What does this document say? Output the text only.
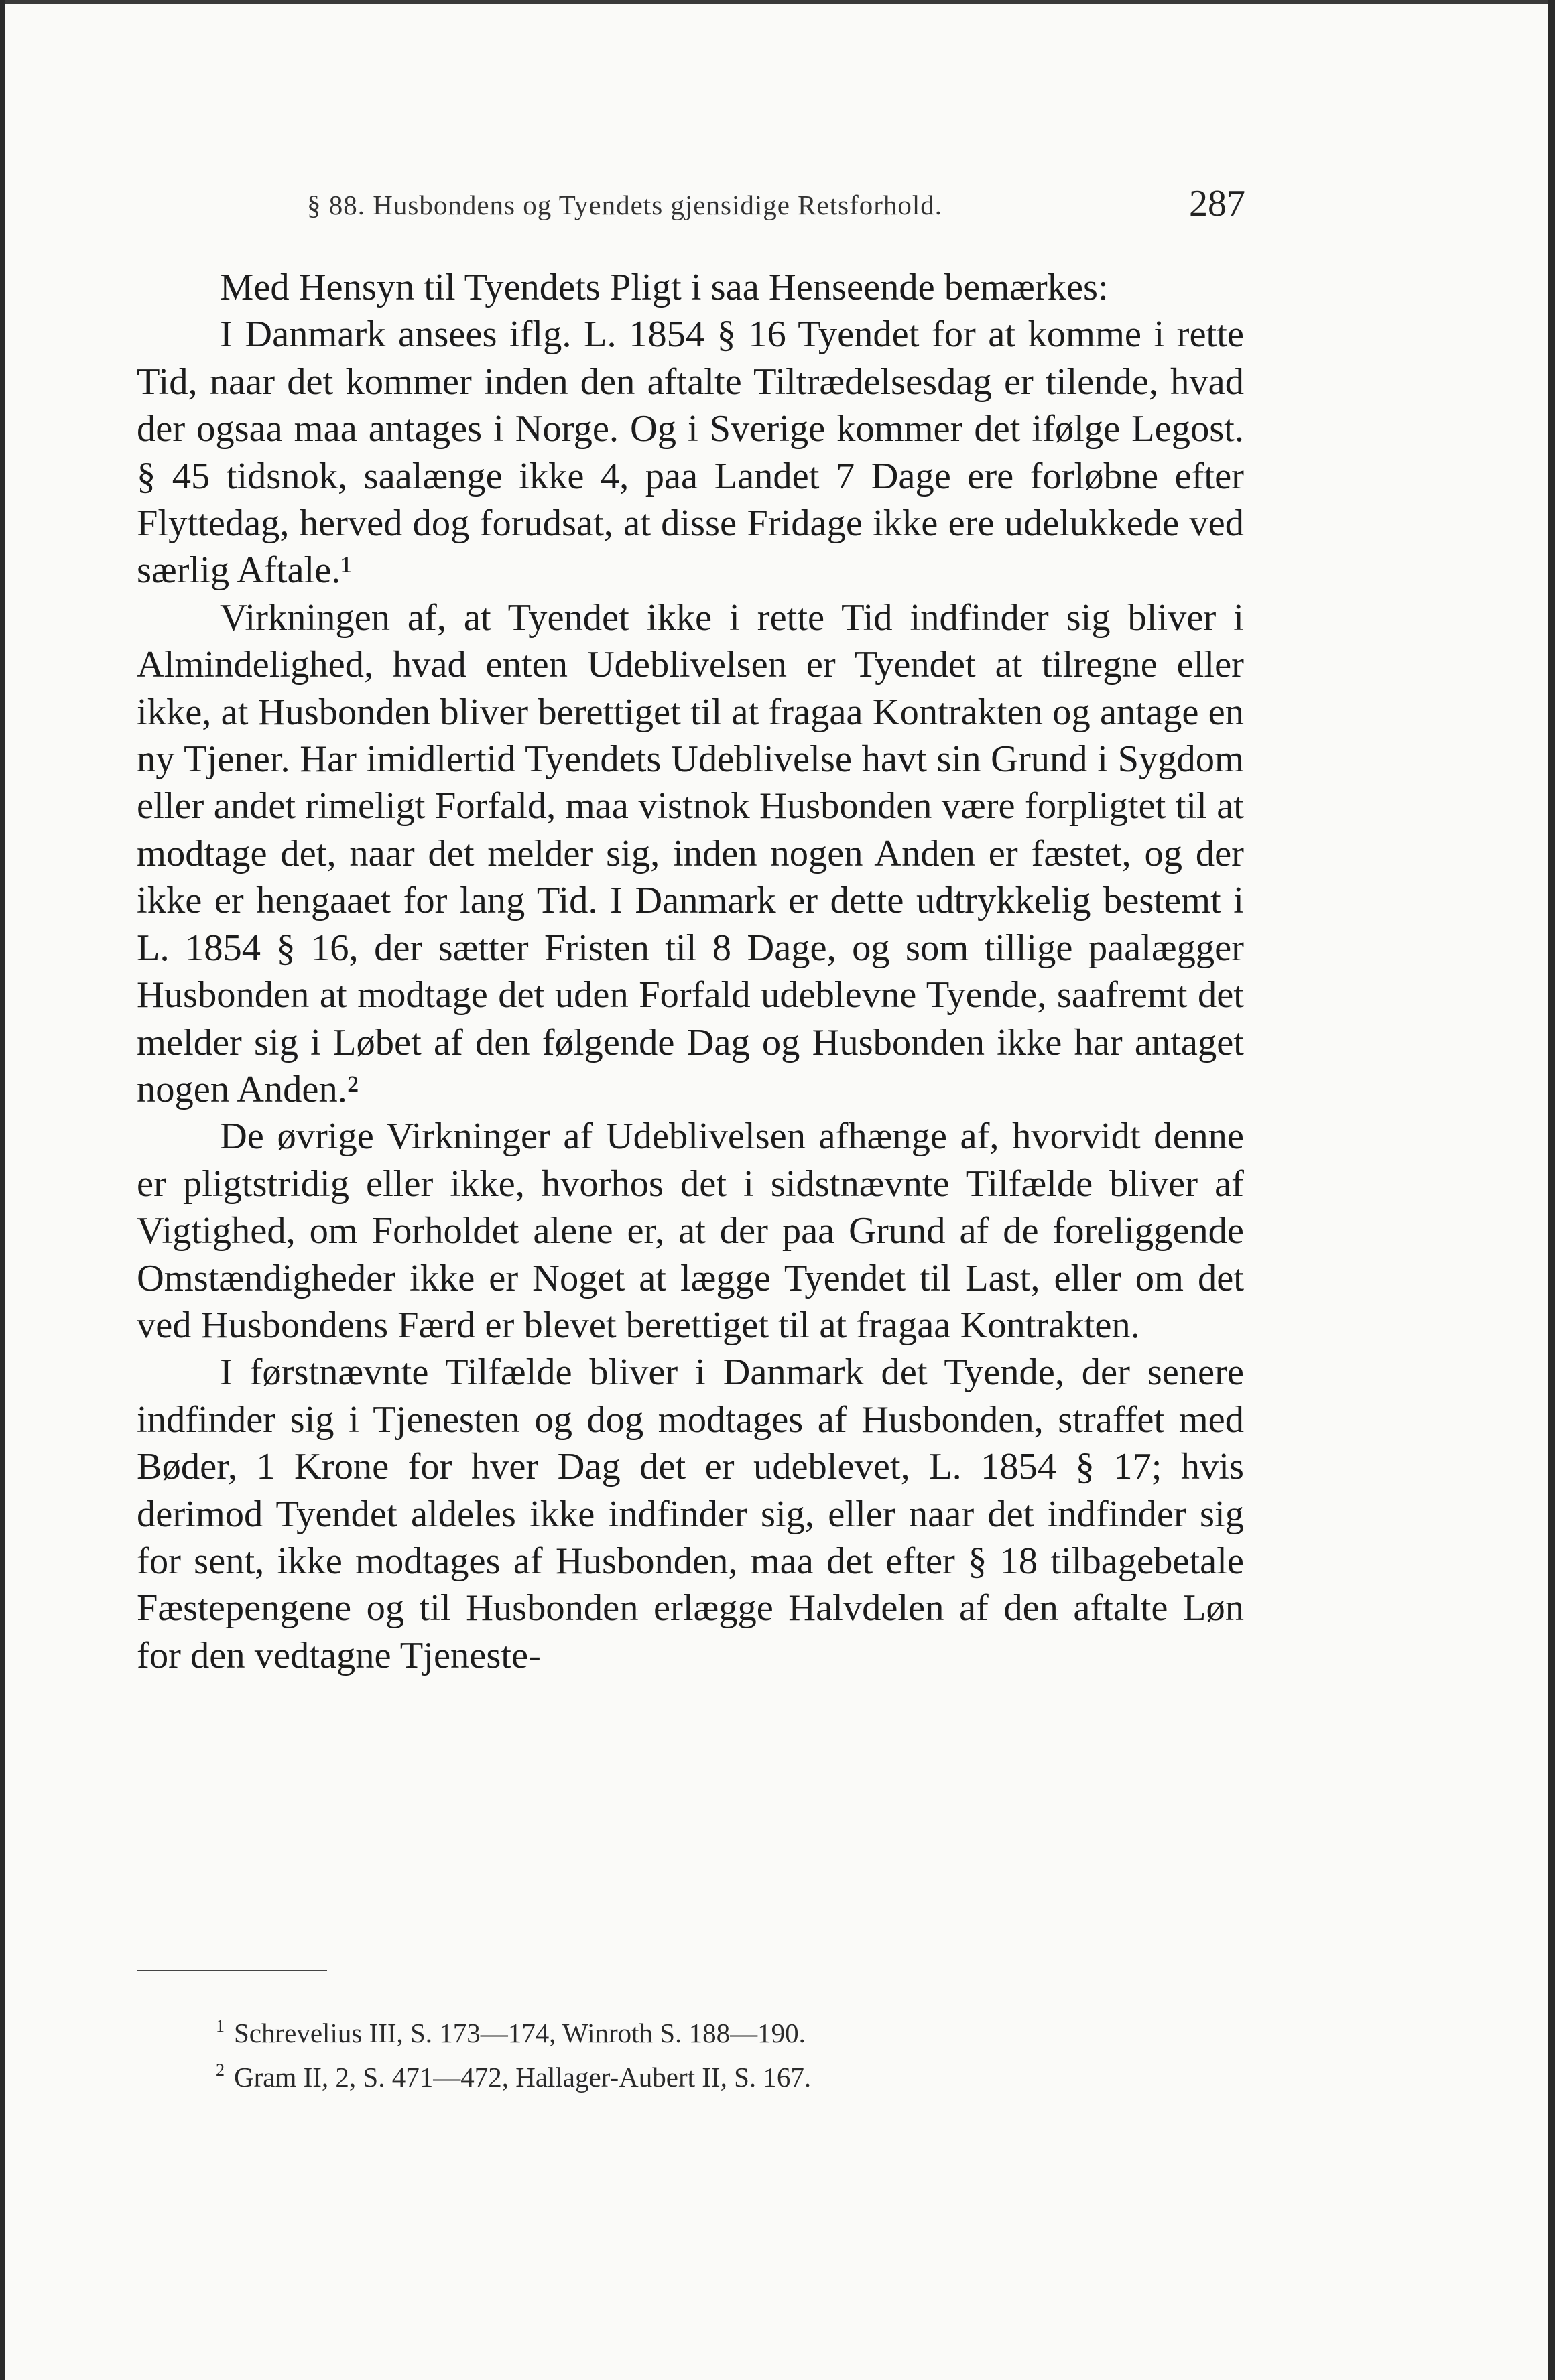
§ 88. Husbondens og Tyendets gjensidige Retsforhold.	287

Med Hensyn til Tyendets Pligt i saa Henseende bemærkes:

I Danmark ansees iflg. L. 1854 § 16 Tyendet for at komme i rette Tid, naar det kommer inden den aftalte Tiltrædelsesdag er tilende, hvad der ogsaa maa antages i Norge. Og i Sverige kommer det ifølge Legost. § 45 tidsnok, saalænge ikke 4, paa Landet 7 Dage ere forløbne efter Flyttedag, herved dog forudsat, at disse Fridage ikke ere udelukkede ved særlig Aftale.¹

Virkningen af, at Tyendet ikke i rette Tid indfinder sig bliver i Almindelighed, hvad enten Udeblivelsen er Tyendet at tilregne eller ikke, at Husbonden bliver berettiget til at fragaa Kontrakten og antage en ny Tjener. Har imidlertid Tyendets Udeblivelse havt sin Grund i Sygdom eller andet rimeligt Forfald, maa vistnok Husbonden være forpligtet til at modtage det, naar det melder sig, inden nogen Anden er fæstet, og der ikke er hengaaet for lang Tid. I Danmark er dette udtrykkelig bestemt i L. 1854 § 16, der sætter Fristen til 8 Dage, og som tillige paalægger Husbonden at modtage det uden Forfald udeblevne Tyende, saafremt det melder sig i Løbet af den følgende Dag og Husbonden ikke har antaget nogen Anden.²

De øvrige Virkninger af Udeblivelsen afhænge af, hvorvidt denne er pligtstridig eller ikke, hvorhos det i sidstnævnte Tilfælde bliver af Vigtighed, om Forholdet alene er, at der paa Grund af de foreliggende Omstændigheder ikke er Noget at lægge Tyendet til Last, eller om det ved Husbondens Færd er blevet berettiget til at fragaa Kontrakten.

I førstnævnte Tilfælde bliver i Danmark det Tyende, der senere indfinder sig i Tjenesten og dog modtages af Husbonden, straffet med Bøder, 1 Krone for hver Dag det er udeblevet, L. 1854 § 17; hvis derimod Tyendet aldeles ikke indfinder sig, eller naar det indfinder sig for sent, ikke modtages af Husbonden, maa det efter § 18 tilbagebetale Fæstepengene og til Husbonden erlægge Halvdelen af den aftalte Løn for den vedtagne Tjeneste-

$^1$ Schrevelius III, S. 173—174, Winroth S. 188—190.

$^2$ Gram II, 2, S. 471—472, Hallager-Aubert II, S. 167.
